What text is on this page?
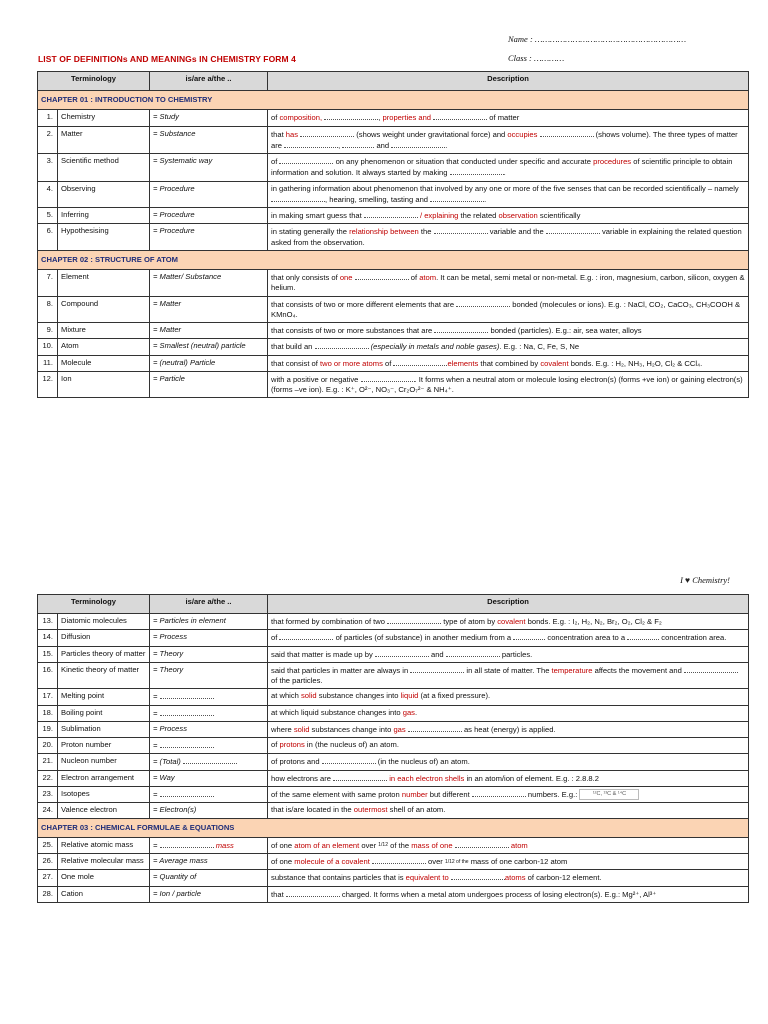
Name : ……………………………………………………
Class : …………
LIST OF DEFINITIONs AND MEANINGs IN CHEMISTRY FORM 4
Terminology		is/are a/the ..	Description
CHAPTER 01 : INTRODUCTION TO CHEMISTRY			
1.	Chemistry	= Study	of composition, , properties and of matter
2.	Matter	= Substance	that has (shows weight under gravitational force) and occupies (shows volume). The three types of matter are , and .
3.	Scientific method	= Systematic way	of on any phenomenon or situation that conducted under specific and accurate procedures of scientific principle to obtain information and solution. It always started by making .
4.	Observing	= Procedure	in gathering information about phenomenon that involved by any one or more of the five senses that can be recorded scientifically – namely , hearing, smelling, tasting and .
5.	Inferring	= Procedure	in making smart guess that / explaining the related observation scientifically
6.	Hypothesising	= Procedure	in stating generally the relationship between the variable and the variable in explaining the related question asked from the observation.
CHAPTER 02 : STRUCTURE OF ATOM			
7.	Element	= Matter/ Substance	that only consists of one of atom. It can be metal, semi metal or non-metal. E.g. : iron, magnesium, carbon, silicon, oxygen & helium.
8.	Compound	= Matter	that consists of two or more different elements that are bonded (molecules or ions). E.g. : NaCl, CO₂, CaCO₃, CH₃COOH & KMnO₄.
9.	Mixture	= Matter	that consists of two or more substances that are bonded (particles). E.g.: air, sea water, alloys
10.	Atom	= Smallest (neutral) particle	that build an (especially in metals and noble gases). E.g. : Na, C, Fe, S, Ne
11.	Molecule	= (neutral) Particle	that consist of two or more atoms of elements that combined by covalent bonds. E.g. : H₂, NH₃, H₂O, Cl₂ & CCl₄.
12.	Ion	= Particle	with a positive or negative . It forms when a neutral atom or molecule losing electron(s) (forms +ve ion) or gaining electron(s) (forms –ve ion). E.g. : K⁺, O²⁻, NO₃⁻, Cr₂O₇²⁻ & NH₄⁺.
I ♥ Chemistry!
Terminology		is/are a/the ..	Description
13.	Diatomic molecules	= Particles in element	that formed by combination of two type of atom by covalent bonds. E.g. : I₂, H₂, N₂, Br₂, O₂, Cl₂ & F₂
14.	Diffusion	= Process	of of particles (of substance) in another medium from a concentration area to a concentration area.
15.	Particles theory of matter	= Theory	said that matter is made up by and particles.
16.	Kinetic theory of matter	= Theory	said that particles in matter are always in in all state of matter. The temperature affects the movement and  of the particles.
17.	Melting point	=	at which solid substance changes into liquid (at a fixed pressure).
18.	Boiling point	=	at which liquid substance changes into gas.
19.	Sublimation	= Process	where solid substances change into gas as heat (energy) is applied.
20.	Proton number	=	of protons in (the nucleus of) an atom.
21.	Nucleon number	= (Total)	of protons and (in the nucleus of) an atom.
22.	Electron arrangement	= Way	how electrons are in each electron shells in an atom/ion of element. E.g. : 2.8.8.2
23.	Isotopes	=	of the same element with same proton number but different numbers. E.g.: ¹²C, ¹³C & ¹⁴C
24.	Valence electron	= Electron(s)	that is/are located in the outermost shell of an atom.
CHAPTER 03 : CHEMICAL FORMULAE & EQUATIONS			
25.	Relative atomic mass	= mass	of one atom of an element over 1/12 of the mass of one atom
26.	Relative molecular mass	= Average mass	of one molecule of a covalent over 1/12 of the mass of one carbon-12 atom
27.	One mole	= Quantity of	substance that contains particles that is equivalent to atoms of carbon-12 element.
28.	Cation	= Ion / particle	that charged. It forms when a metal atom undergoes process of losing electron(s). E.g.: Mg²⁺, Al³⁺
